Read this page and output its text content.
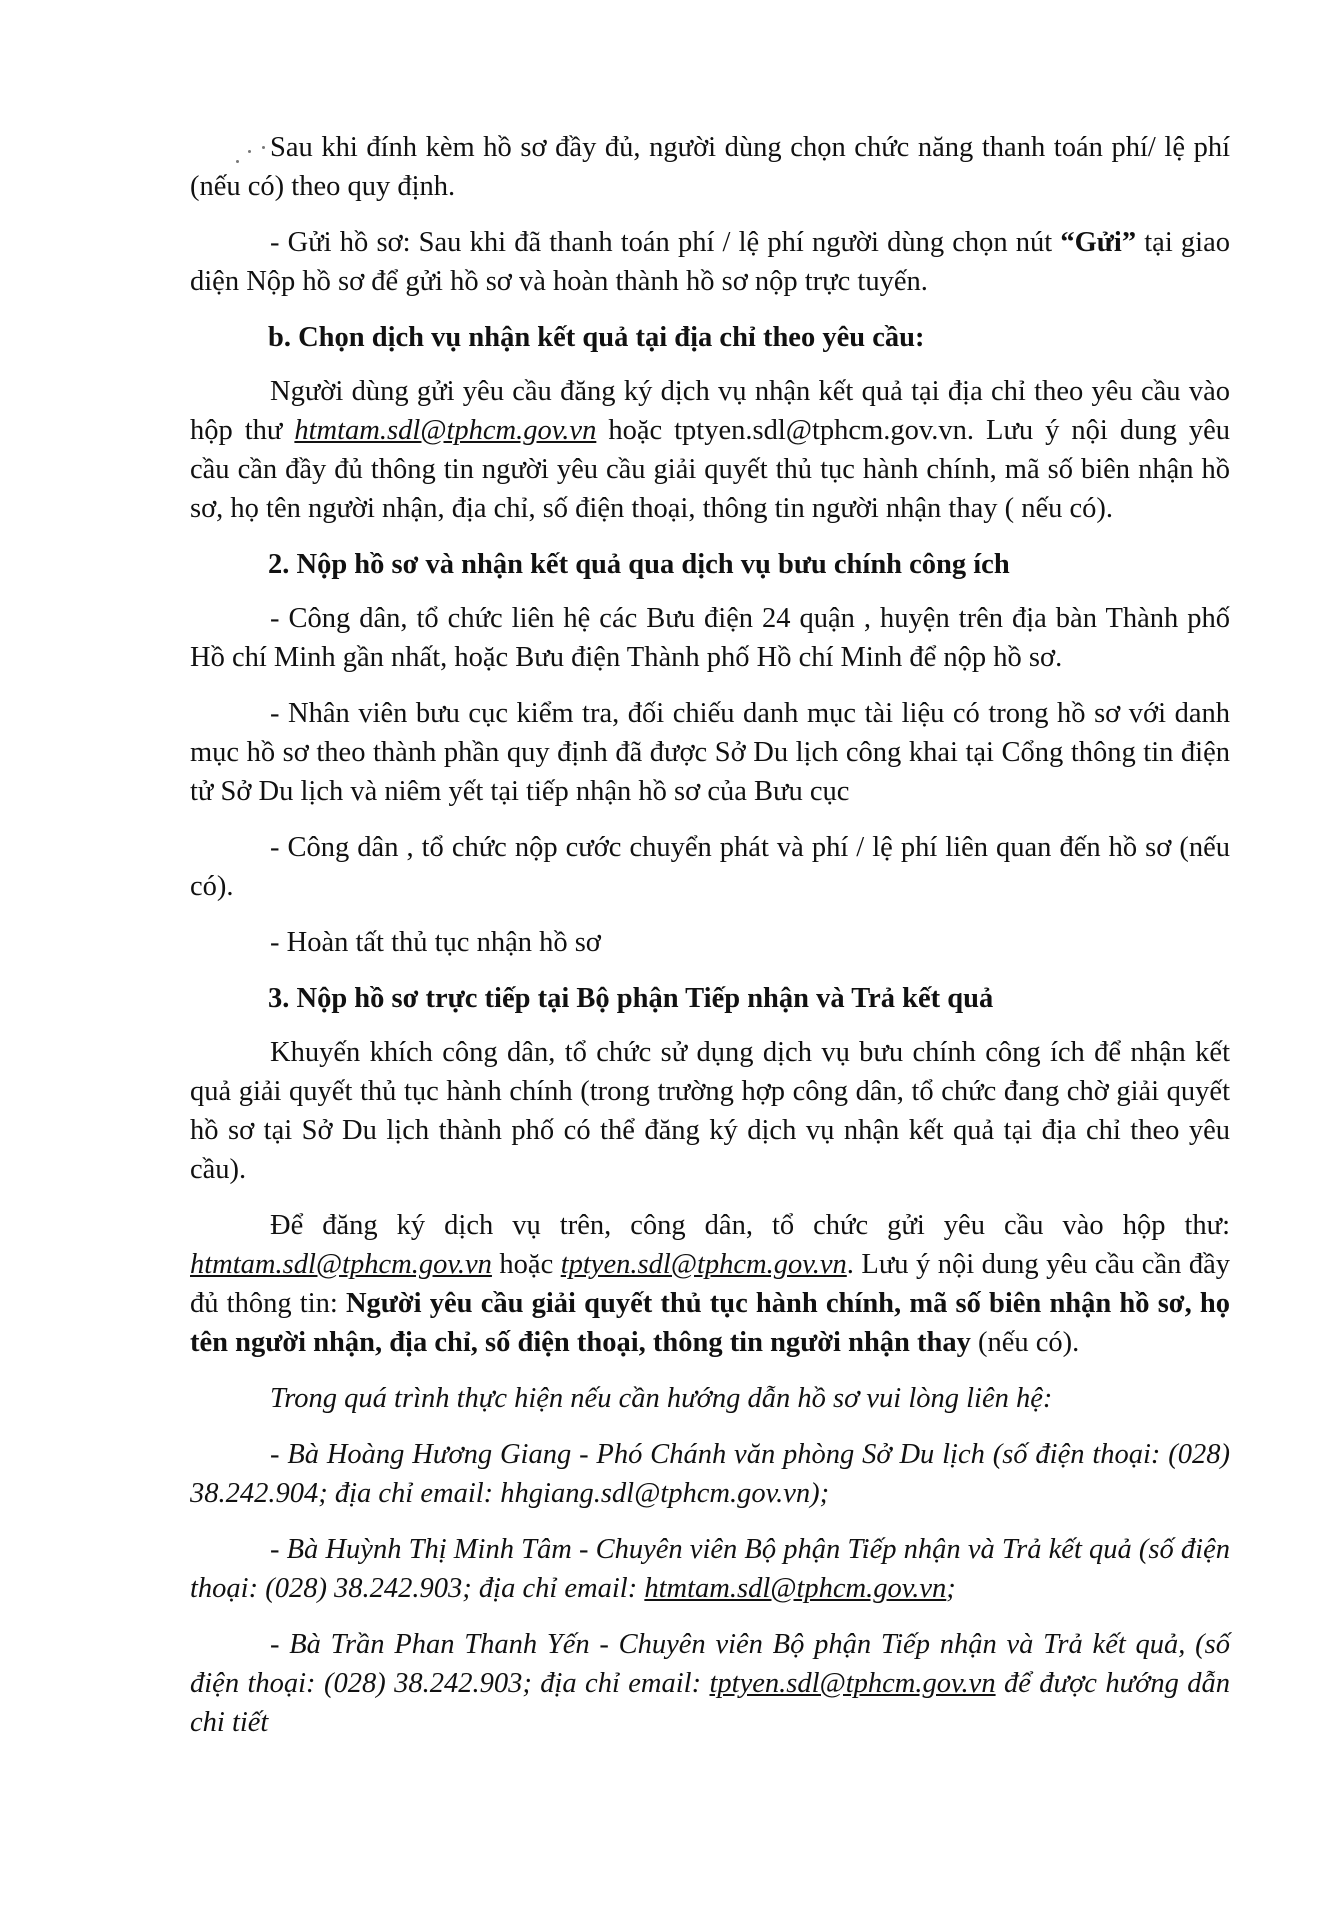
Sau khi đính kèm hồ sơ đầy đủ, người dùng chọn chức năng thanh toán phí/ lệ phí (nếu có) theo quy định.

- Gửi hồ sơ: Sau khi đã thanh toán phí / lệ phí người dùng chọn nút “Gửi” tại giao diện Nộp hồ sơ để gửi hồ sơ và hoàn thành hồ sơ nộp trực tuyến.

b. Chọn dịch vụ nhận kết quả tại địa chỉ theo yêu cầu:

Người dùng gửi yêu cầu đăng ký dịch vụ nhận kết quả tại địa chỉ theo yêu cầu vào hộp thư htmtam.sdl@tphcm.gov.vn hoặc tptyen.sdl@tphcm.gov.vn. Lưu ý nội dung yêu cầu cần đầy đủ thông tin người yêu cầu giải quyết thủ tục hành chính, mã số biên nhận hồ sơ, họ tên người nhận, địa chỉ, số điện thoại, thông tin người nhận thay ( nếu có).

2. Nộp hồ sơ và nhận kết quả qua dịch vụ bưu chính công ích

- Công dân, tổ chức liên hệ các Bưu điện 24 quận , huyện trên địa bàn Thành phố Hồ chí Minh gần nhất, hoặc Bưu điện Thành phố Hồ chí Minh để nộp hồ sơ.

- Nhân viên bưu cục kiểm tra, đối chiếu danh mục tài liệu có trong hồ sơ với danh mục hồ sơ theo thành phần quy định đã được Sở Du lịch công khai tại Cổng thông tin điện tử Sở Du lịch và niêm yết tại tiếp nhận hồ sơ của Bưu cục

- Công dân , tổ chức nộp cước chuyển phát và phí / lệ phí liên quan đến hồ sơ (nếu có).

- Hoàn tất thủ tục nhận hồ sơ

3. Nộp hồ sơ trực tiếp tại Bộ phận Tiếp nhận và Trả kết quả

Khuyến khích công dân, tổ chức sử dụng dịch vụ bưu chính công ích để nhận kết quả giải quyết thủ tục hành chính (trong trường hợp công dân, tổ chức đang chờ giải quyết hồ sơ tại Sở Du lịch thành phố có thể đăng ký dịch vụ nhận kết quả tại địa chỉ theo yêu cầu).

Để đăng ký dịch vụ trên, công dân, tổ chức gửi yêu cầu vào hộp thư: htmtam.sdl@tphcm.gov.vn hoặc tptyen.sdl@tphcm.gov.vn. Lưu ý nội dung yêu cầu cần đầy đủ thông tin: Người yêu cầu giải quyết thủ tục hành chính, mã số biên nhận hồ sơ, họ tên người nhận, địa chỉ, số điện thoại, thông tin người nhận thay (nếu có).

Trong quá trình thực hiện nếu cần hướng dẫn hồ sơ vui lòng liên hệ:

- Bà Hoàng Hương Giang - Phó Chánh văn phòng Sở Du lịch (số điện thoại: (028) 38.242.904; địa chỉ email: hhgiang.sdl@tphcm.gov.vn);

- Bà Huỳnh Thị Minh Tâm - Chuyên viên Bộ phận Tiếp nhận và Trả kết quả (số điện thoại: (028) 38.242.903; địa chỉ email: htmtam.sdl@tphcm.gov.vn;

- Bà Trần Phan Thanh Yến - Chuyên viên Bộ phận Tiếp nhận và Trả kết quả, (số điện thoại: (028) 38.242.903; địa chỉ email: tptyen.sdl@tphcm.gov.vn để được hướng dẫn chi tiết
